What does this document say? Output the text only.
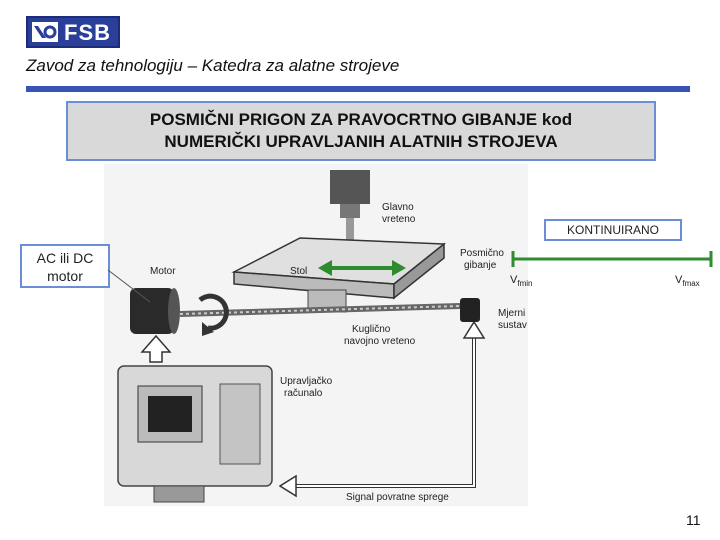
FSB
Zavod za tehnologiju – Katedra za alatne strojeve
POSMIČNI PRIGON ZA PRAVOCRTNO GIBANJE kod
NUMERIČKI UPRAVLJANIH ALATNIH STROJEVA
Glavno
vreteno
Motor	Stol
Posmično
gibanje
Mjerni
sustav
Kugličnо
navojno vreteno
Upravljačko
računalo
Signal povratne sprege
AC ili DC
motor
KONTINUIRANO
$V_{fmin}$	$V_{fmax}$
11
